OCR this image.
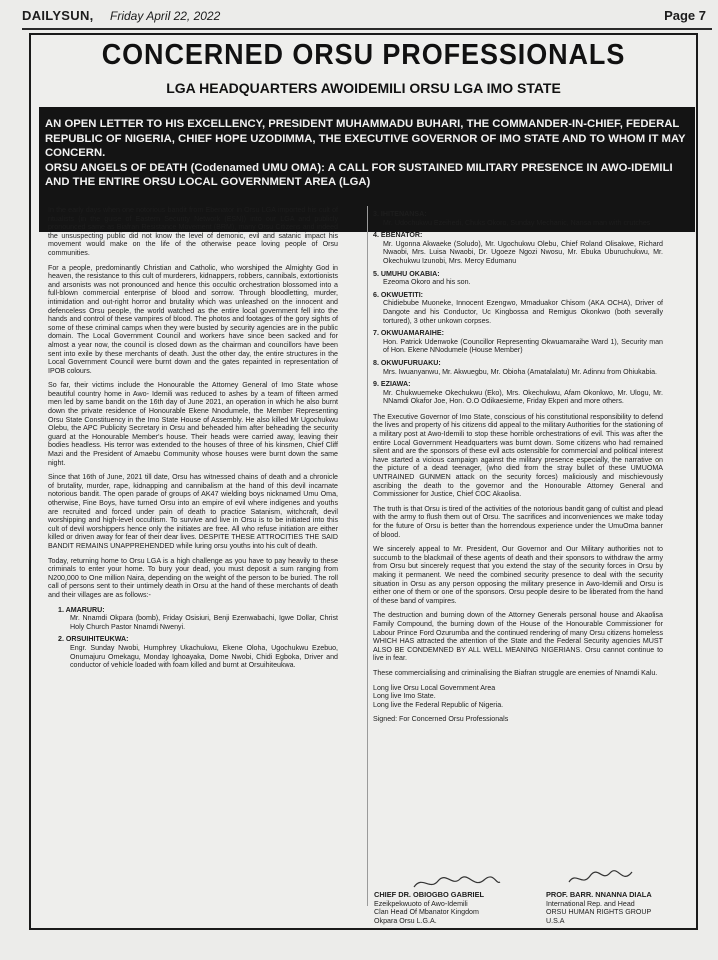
DAILYSUN, Friday April 22, 2022	Page 7
CONCERNED ORSU PROFESSIONALS
LGA HEADQUARTERS AWOIDEMILI ORSU LGA IMO STATE

AN OPEN LETTER TO HIS EXCELLENCY, PRESIDENT MUHAMMADU BUHARI, THE COMMANDER-IN-CHIEF, FEDERAL REPUBLIC OF NIGERIA, CHIEF HOPE UZODIMMA, THE EXECUTIVE GOVERNOR OF IMO STATE AND TO WHOM IT MAY CONCERN.

ORSU ANGELS OF DEATH (Codenamed UMU OMA): A CALL FOR SUSTAINED MILITARY PRESENCE IN AWO-IDEMILI AND THE ENTIRE ORSU LOCAL GOVERNMENT AREA (LGA)

In the early days when one notorious bandit from Ebenator in Orsu LGA imported his cult of ritualists (in the guise of Eastern Security Network (ESN)) into our LGA and publicly pronounced same as Biafran Resistance Movement (BRM), many Orsu Citizens and indeed the unsuspecting public did not know the level of demonic, evil and satanic impact his movement would make on the life of the otherwise peace loving people of Orsu communities.

For a people, predominantly Christian and Catholic, who worshiped the Almighty God in heaven, the resistance to this cult of murderers, kidnappers, robbers, cannibals, extortionists and arsonists was not pronounced and hence this occultic orchestration blossomed into a full-blown commercial enterprise of blood and sorrow. Through bloodletting, murder, intimidation and out-right horror and brutality which was unleashed on the innocent and defenceless Orsu people, the world watched as the entire local government fell into the hands and control of these vampires of blood. The photos and footages of the gory sights of some of these criminal camps when they were busted by security agencies are in the public domain. The Local Government Council and workers have since been sacked and for almost a year now, the council is closed down as the chairman and councillors have been sent into exile by these merchants of death. Just the other day, the entire structures in the Local Government Council were burnt down and the gates repainted in representation of IPOB colours.

So far, their victims include the Honourable the Attorney General of Imo State whose beautiful country home in Awo- Idemili was reduced to ashes by a team of fifteen armed men led by same bandit on the 16th day of June 2021, an operation in which he also burnt down the private residence of Honourable Ekene Nnodumele, the Member Representing Orsu State Constituency in the Imo State House of Assembly. He also killed Mr Ugochukwu Olebu, the APC Publicity Secretary in Orsu and beheaded him after beheading the security guard at the Honourable Member's house. Their heads were carried away, leaving their bodies headless. His terror was extended to the houses of three of his kinsmen, Chief Cliff Mazi and the President of Amaebu Community whose houses were burnt down the same night.

Since that 16th of June, 2021 till date, Orsu has witnessed chains of death and a chronicle of brutality, murder, rape, kidnapping and cannibalism at the hand of this devil incarnate notorious bandit. The open parade of groups of AK47 wielding boys nicknamed Umu Oma, otherwise, Fine Boys, have turned Orsu into an empire of evil where indigenes and youths are recruited and forced under pain of death to practice Satanism, witchcraft, devil worshipping and high-level occultism. To survive and live in Orsu is to be initiated into this cult of devil worshippers hence only the initiates are free. All who refuse initiation are either killed or driven away for fear of their dear lives. DESPITE THESE ATTROCITIES THE SAID BANDIT REMAINS UNAPPREHENDED while luring orsu youths into his cult of death.

Today, returning home to Orsu LGA is a high challenge as you have to pay heavily to these criminals to enter your home. To bury your dead, you must deposit a sum ranging from N200,000 to One million Naira, depending on the weight of the person to be buried. The roll call of persons sent to their untimely death in Orsu at the hand of these merchants of death and their villages are as follows:-

1. AMARURU:
Mr. Nnamdi Okpara (bomb), Friday Osisiuri, Benji Ezenwabachi, Igwe Dollar, Christ Holy Church Pastor Nnamdi Nwenyi.
2. ORSUIHITEUKWA:
Engr. Sunday Nwobi, Humphrey Ukachukwu, Ekene Oloha, Ugochukwu Ezebuo, Onumajuru Omekagu, Monday Ighoayaka, Dome Nwobi, Chidi Egboka, Driver and conductor of vehicle loaded with foam killed and burnt at Orsuihiteukwa.
3. IHITENANSA:
Mr. Udochukwu Ezeihedi, Chuks Okoro, Sunday Mechanic, Nansa man with crutches
4. EBENATOR:
Mr. Ugonna Akwaeke (Soludo), Mr. Ugochukwu Olebu, Chief Roland Olisakwe, Richard Nwaobi, Mrs. Luisa Nwaobi, Dr. Ugoeze Ngozi Nwosu, Mr. Ebuka Uburuchukwu, Mr. Okechukwu Izunobi, Mrs. Mercy Edumanu
5. UMUHU OKABIA:
Ezeoma Okoro and his son.
6. OKWUETITI:
Chidiebube Muoneke, Innocent Ezengwo, Mmaduakor Chisom (AKA OCHA), Driver of Dangote and his Conductor, Uc Kingbossa and Remigus Okonkwo (both severally tortured), 3 other unkown corpses.
7. OKWUAMARAIHE:
Hon. Patrick Udenwoke (Councillor Representing Okwuamaraihe Ward 1), Security man of Hon. Ekene NNodumele (House Member)
8. OKWUFURUAKU:
Mrs. Iwuanyanwu, Mr. Akwuegbu, Mr. Obioha (Amatalalatu) Mr. Adinnu from Ohiukabia.
9. EZIAWA:
Mr. Chukwuemeke Okechukwu (Eko), Mrs. Okechukwu, Afam Okonkwo, Mr. Ulogu, Mr. NNamdi Okafor Joe, Hon. O.O Odikaesieme, Friday Ekperi and more others.

The Executive Governor of Imo State, conscious of his constitutional responsibility to defend the lives and property of his citizens did appeal to the military Authorities for the stationing of a military post at Awo-Idemili to stop these horrible orchestrations of evil. This was after the entire Local Government Headquarters was burnt down. Some citizens who had remained silent and are the sponsors of these evil acts ostensible for commercial and political interest have started a vicious campaign against the military presence especially, the narrative on the picture of a dead teenager, (who died from the stray bullet of these UMUOMA UNTRAINED GUNMEN attack on the security forces) maliciously and mischievously ascribing the death to the governor and the Honourable Attorney General and Commissioner for Justice, Chief COC Akaolisa.

The truth is that Orsu is tired of the activities of the notorious bandit gang of cultist and plead with the army to flush them out of Orsu. The sacrifices and inconveniences we make today for the future of Orsu is better than the horrendous experience under the UmuOma banner of blood.

We sincerely appeal to Mr. President, Our Governor and Our Military authorities not to succumb to the blackmail of these agents of death and their sponsors to withdraw the army from Orsu but sincerely request that you extend the stay of the security forces in Orsu by making it permanent. We need the combined security presence to deal with the security situation in Orsu as any person opposing the military presence in Awo-Idemili and Orsu is either one of them or one of the sponsors. Orsu people desire to be liberated from the hand of these band of vampires.

The destruction and burning down of the Attorney Generals personal house and Akaolisa Family Compound, the burning down of the House of the Honourable Commissioner for Labour Prince Ford Ozurumba and the continued rendering of many Orsu citizens homeless WHICH HAS attracted the attention of the State and the Federal Security agencies MUST ALSO BE CONDEMNED BY ALL WELL MEANING NIGERIANS. Orsu cannot continue to live in fear.

These commercialising and criminalising the Biafran struggle are enemies of Nnamdi Kalu.

Long live Orsu Local Government Area
Long live Imo State.
Long live the Federal Republic of Nigeria.
Signed: For Concerned Orsu Professionals
CHIEF DR. OBIOGBO GABRIEL
Ezeikpekwuoto of Awo-Idemili
Clan Head Of Mbanator Kingdom
Okpara Orsu L.G.A.
PROF. BARR. NNANNA DIALA
International Rep. and Head
ORSU HUMAN RIGHTS GROUP
U.S.A
